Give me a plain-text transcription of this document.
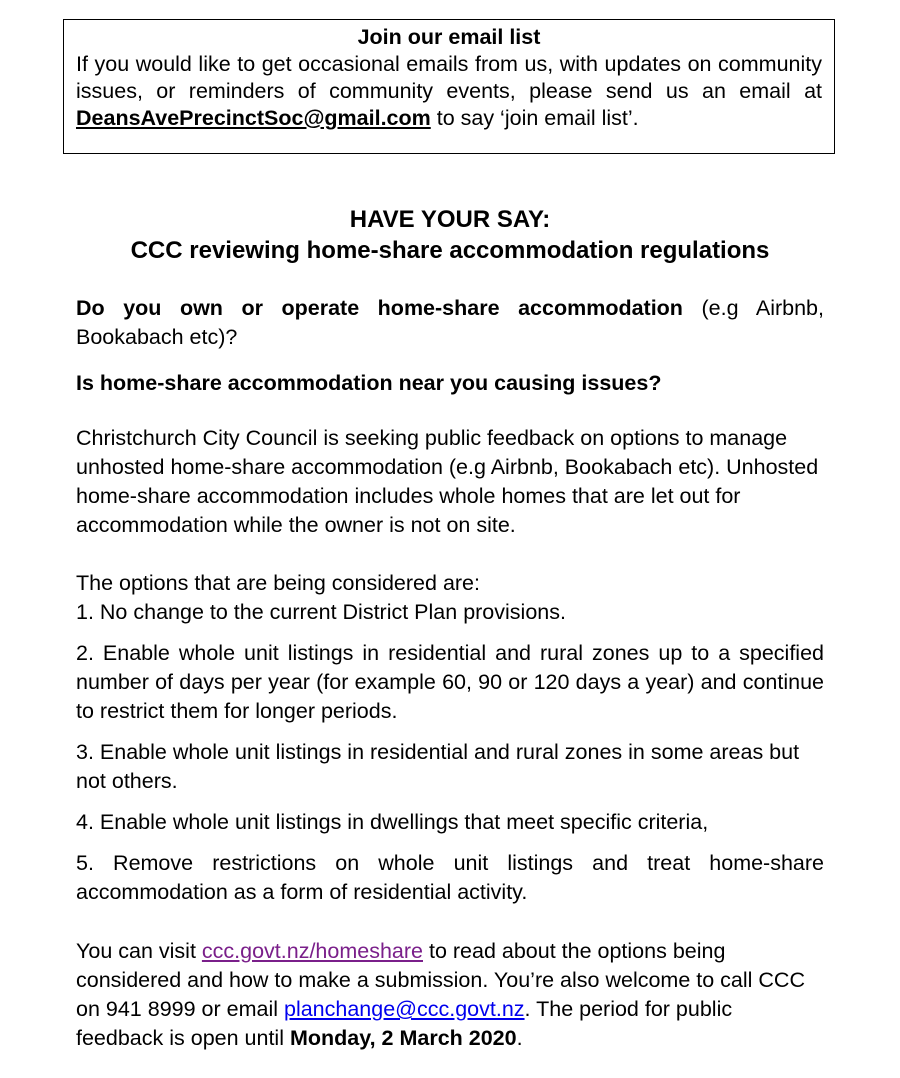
Join our email list

If you would like to get occasional emails from us, with updates on community issues, or reminders of community events, please send us an email at DeansAvePrecinctSoc@gmail.com to say ‘join email list’.

HAVE YOUR SAY:
CCC reviewing home-share accommodation regulations

Do you own or operate home-share accommodation (e.g Airbnb, Bookabach etc)?

Is home-share accommodation near you causing issues?

Christchurch City Council is seeking public feedback on options to manage unhosted home-share accommodation (e.g Airbnb, Bookabach etc). Unhosted home-share accommodation includes whole homes that are let out for accommodation while the owner is not on site.

The options that are being considered are:

1. No change to the current District Plan provisions.

2. Enable whole unit listings in residential and rural zones up to a specified number of days per year (for example 60, 90 or 120 days a year) and continue to restrict them for longer periods.

3. Enable whole unit listings in residential and rural zones in some areas but not others.

4. Enable whole unit listings in dwellings that meet specific criteria,

5. Remove restrictions on whole unit listings and treat home-share accommodation as a form of residential activity.

You can visit ccc.govt.nz/homeshare to read about the options being considered and how to make a submission. You’re also welcome to call CCC on 941 8999 or email planchange@ccc.govt.nz. The period for public feedback is open until Monday, 2 March 2020.
